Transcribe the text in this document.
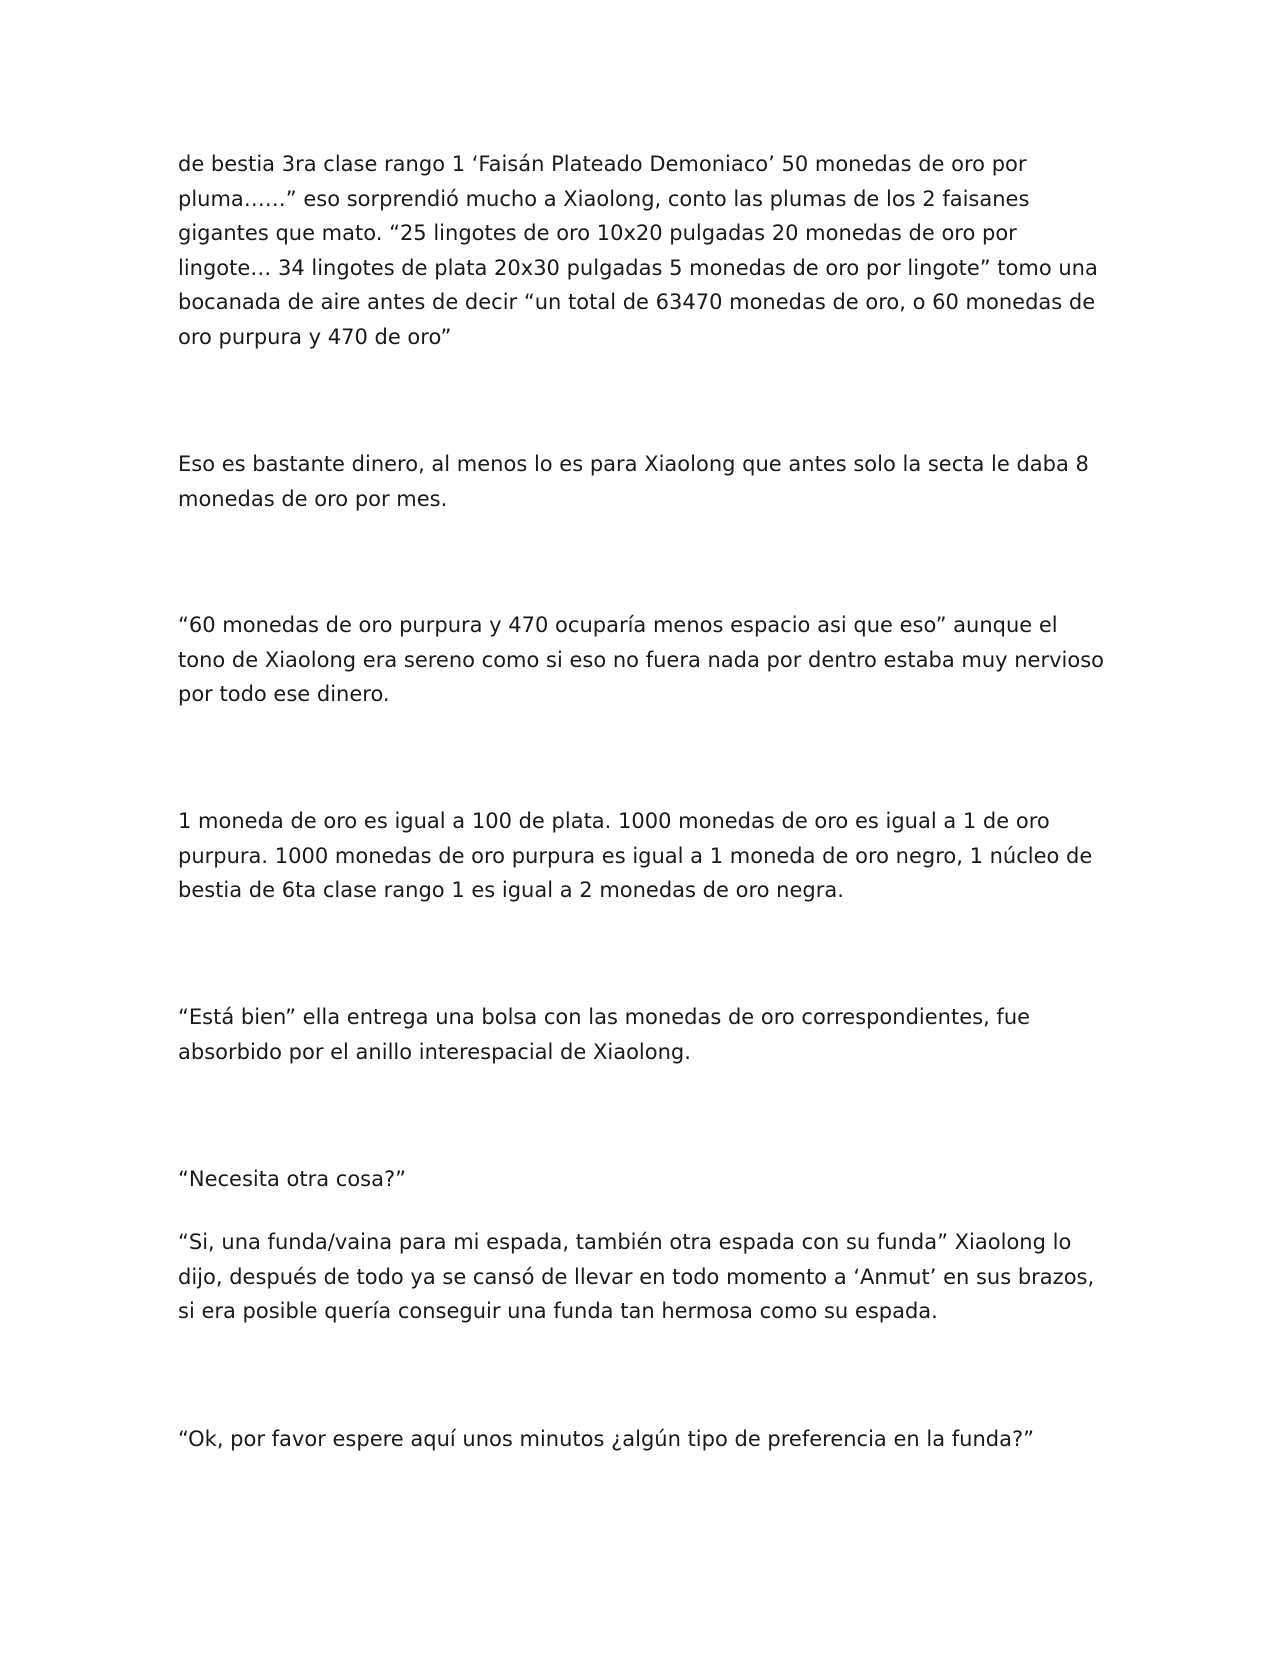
de bestia 3ra clase rango 1 ‘Faisán Plateado Demoniaco’ 50 monedas de oro por pluma……” eso sorprendió mucho a Xiaolong, conto las plumas de los 2 faisanes gigantes que mato. “25 lingotes de oro 10x20 pulgadas 20 monedas de oro por lingote… 34 lingotes de plata 20x30 pulgadas 5 monedas de oro por lingote” tomo una bocanada de aire antes de decir “un total de 63470 monedas de oro, o 60 monedas de oro purpura y 470 de oro”

Eso es bastante dinero, al menos lo es para Xiaolong que antes solo la secta le daba 8 monedas de oro por mes.

“60 monedas de oro purpura y 470 ocuparía menos espacio asi que eso” aunque el tono de Xiaolong era sereno como si eso no fuera nada por dentro estaba muy nervioso por todo ese dinero.

1 moneda de oro es igual a 100 de plata. 1000 monedas de oro es igual a 1 de oro purpura. 1000 monedas de oro purpura es igual a 1 moneda de oro negro, 1 núcleo de bestia de 6ta clase rango 1 es igual a 2 monedas de oro negra.

“Está bien” ella entrega una bolsa con las monedas de oro correspondientes, fue absorbido por el anillo interespacial de Xiaolong.

“Necesita otra cosa?”

“Si, una funda/vaina para mi espada, también otra espada con su funda” Xiaolong lo dijo, después de todo ya se cansó de llevar en todo momento a ‘Anmut’ en sus brazos, si era posible quería conseguir una funda tan hermosa como su espada.

“Ok, por favor espere aquí unos minutos ¿algún tipo de preferencia en la funda?”
